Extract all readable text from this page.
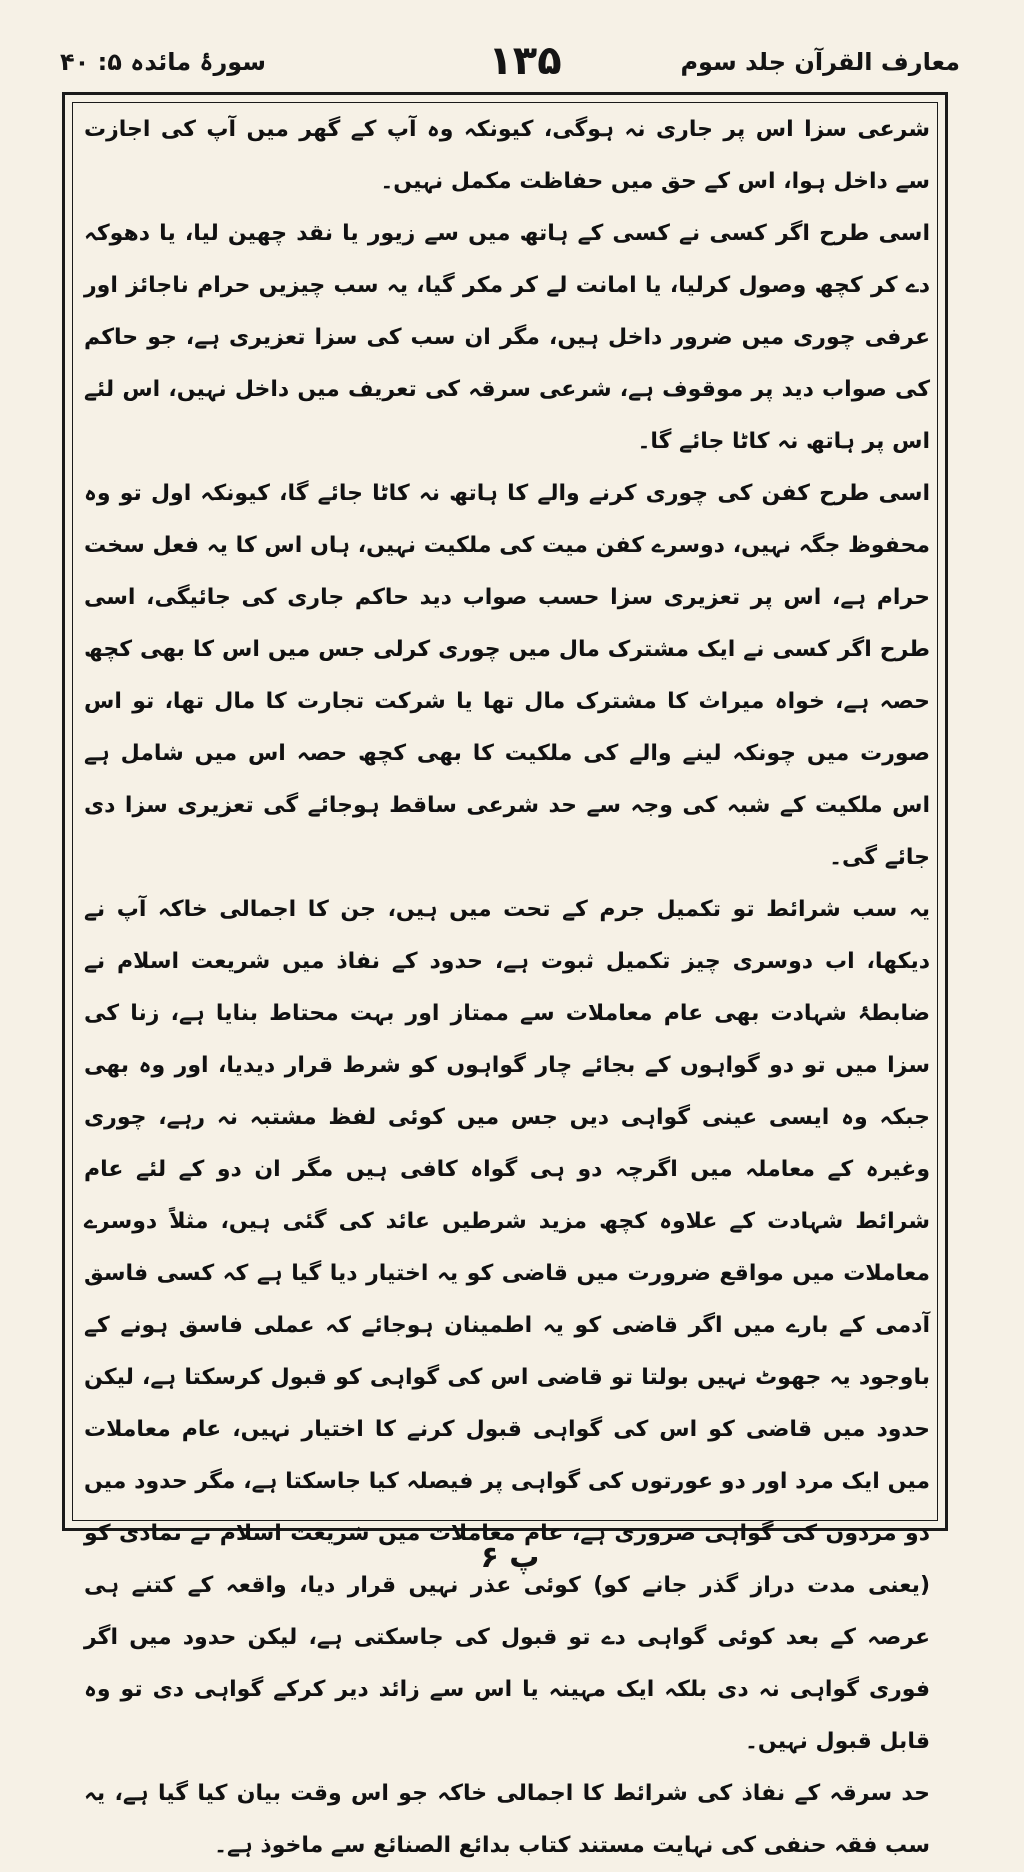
سورۂ مائدہ ۵: ۴۰	۱۳۵	معارف القرآن جلد سوم

شرعی سزا اس پر جاری نہ ہوگی، کیونکہ وہ آپ کے گھر میں آپ کی اجازت سے داخل ہوا، اس کے حق میں حفاظت مکمل نہیں۔

اسی طرح اگر کسی نے کسی کے ہاتھ میں سے زیور یا نقد چھین لیا، یا دھوکہ دے کر کچھ وصول کرلیا، یا امانت لے کر مکر گیا، یہ سب چیزیں حرام ناجائز اور عرفی چوری میں ضرور داخل ہیں، مگر ان سب کی سزا تعزیری ہے، جو حاکم کی صواب دید پر موقوف ہے، شرعی سرقہ کی تعریف میں داخل نہیں، اس لئے اس پر ہاتھ نہ کاٹا جائے گا۔

اسی طرح کفن کی چوری کرنے والے کا ہاتھ نہ کاٹا جائے گا، کیونکہ اول تو وہ محفوظ جگہ نہیں، دوسرے کفن میت کی ملکیت نہیں، ہاں اس کا یہ فعل سخت حرام ہے، اس پر تعزیری سزا حسب صواب دید حاکم جاری کی جائیگی، اسی طرح اگر کسی نے ایک مشترک مال میں چوری کرلی جس میں اس کا بھی کچھ حصہ ہے، خواہ میراث کا مشترک مال تھا یا شرکت تجارت کا مال تھا، تو اس صورت میں چونکہ لینے والے کی ملکیت کا بھی کچھ حصہ اس میں شامل ہے اس ملکیت کے شبہ کی وجہ سے حد شرعی ساقط ہوجائے گی تعزیری سزا دی جائے گی۔

یہ سب شرائط تو تکمیل جرم کے تحت میں ہیں، جن کا اجمالی خاکہ آپ نے دیکھا، اب دوسری چیز تکمیل ثبوت ہے، حدود کے نفاذ میں شریعت اسلام نے ضابطۂ شہادت بھی عام معاملات سے ممتاز اور بہت محتاط بنایا ہے، زنا کی سزا میں تو دو گواہوں کے بجائے چار گواہوں کو شرط قرار دیدیا، اور وہ بھی جبکہ وہ ایسی عینی گواہی دیں جس میں کوئی لفظ مشتبہ نہ رہے، چوری وغیرہ کے معاملہ میں اگرچہ دو ہی گواہ کافی ہیں مگر ان دو کے لئے عام شرائط شہادت کے علاوہ کچھ مزید شرطیں عائد کی گئی ہیں، مثلاً دوسرے معاملات میں مواقع ضرورت میں قاضی کو یہ اختیار دیا گیا ہے کہ کسی فاسق آدمی کے بارے میں اگر قاضی کو یہ اطمینان ہوجائے کہ عملی فاسق ہونے کے باوجود یہ جھوٹ نہیں بولتا تو قاضی اس کی گواہی کو قبول کرسکتا ہے، لیکن حدود میں قاضی کو اس کی گواہی قبول کرنے کا اختیار نہیں، عام معاملات میں ایک مرد اور دو عورتوں کی گواہی پر فیصلہ کیا جاسکتا ہے، مگر حدود میں دو مردوں کی گواہی ضروری ہے، عام معاملات میں شریعت اسلام نے تمادی کو (یعنی مدت دراز گذر جانے کو) کوئی عذر نہیں قرار دیا، واقعہ کے کتنے ہی عرصہ کے بعد کوئی گواہی دے تو قبول کی جاسکتی ہے، لیکن حدود میں اگر فوری گواہی نہ دی بلکہ ایک مہینہ یا اس سے زائد دیر کرکے گواہی دی تو وہ قابل قبول نہیں۔

حد سرقہ کے نفاذ کی شرائط کا اجمالی خاکہ جو اس وقت بیان کیا گیا ہے، یہ سب فقہ حنفی کی نہایت مستند کتاب بدائع الصنائع سے ماخوذ ہے۔

پ ۶
